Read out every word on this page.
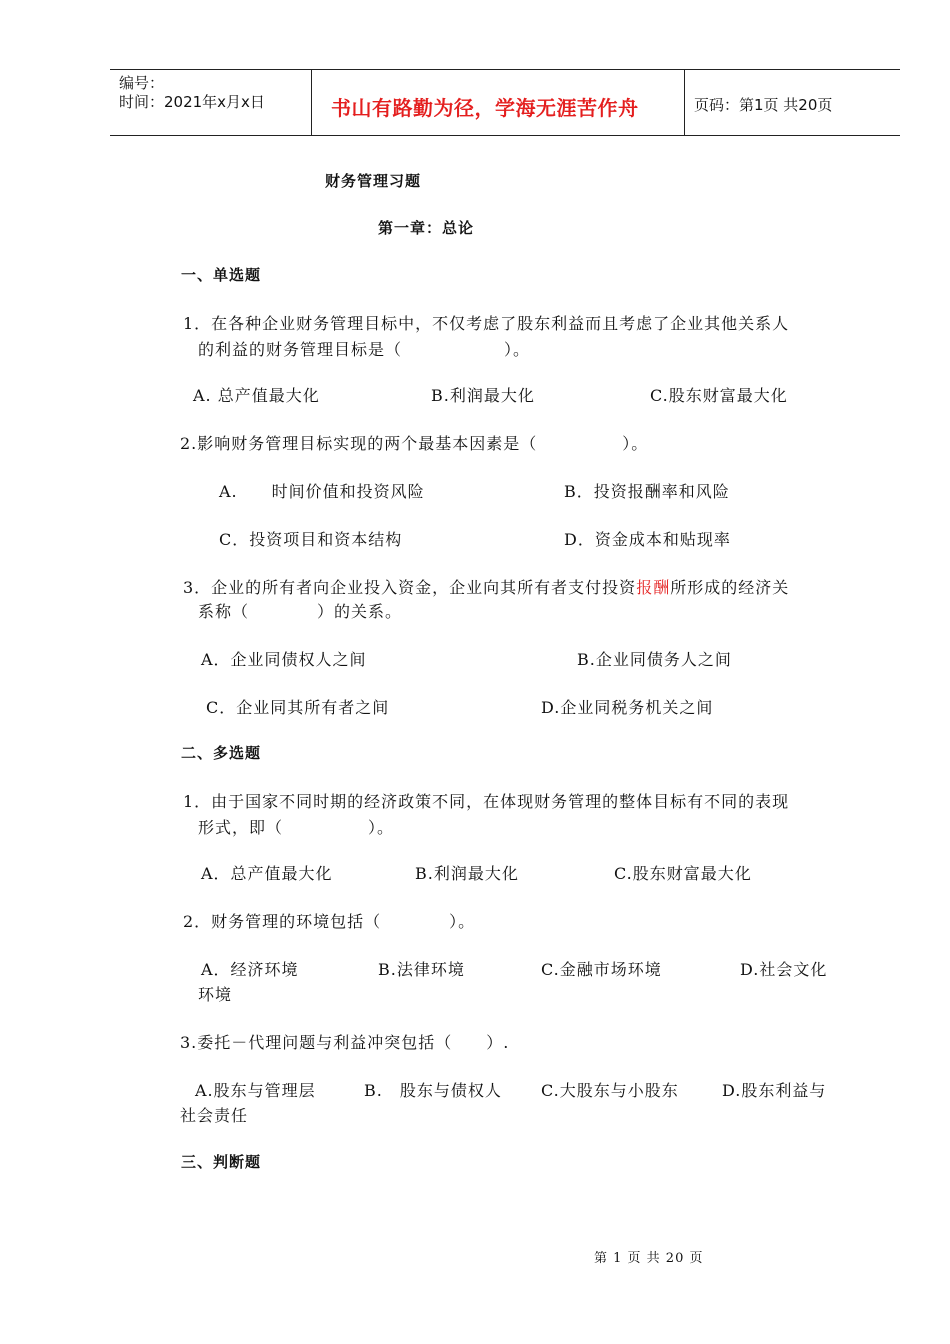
编号：
时间：2021年x月x日	书山有路勤为径，学海无涯苦作舟	页码：第1页 共20页
财务管理习题
第一章：总论
一、单选题
1．在各种企业财务管理目标中，不仅考虑了股东利益而且考虑了企业其他关系人
的利益的财务管理目标是（　　　　　　）。
A. 总产值最大化	B.利润最大化	C.股东财富最大化
2.影响财务管理目标实现的两个最基本因素是（　　　　　）。
A.　　时间价值和投资风险	B．投资报酬率和风险
C．投资项目和资本结构	D．资金成本和贴现率
3．企业的所有者向企业投入资金，企业向其所有者支付投资报酬所形成的经济关
系称（　　　　）的关系。
A．企业同债权人之间	B.企业同债务人之间
C．企业同其所有者之间	D.企业同税务机关之间
二、多选题
1．由于国家不同时期的经济政策不同，在体现财务管理的整体目标有不同的表现
形式，即（　　　　　）。
A．总产值最大化	B.利润最大化	C.股东财富最大化
2．财务管理的环境包括（　　　　）。
A．经济环境	B.法律环境	C.金融市场环境	D.社会文化
环境
3.委托－代理问题与利益冲突包括（　　）.
A.股东与管理层	B.　股东与债权人 C.大股东与小股东	D.股东利益与
社会责任
三、判断题
第 1 页 共 20 页
